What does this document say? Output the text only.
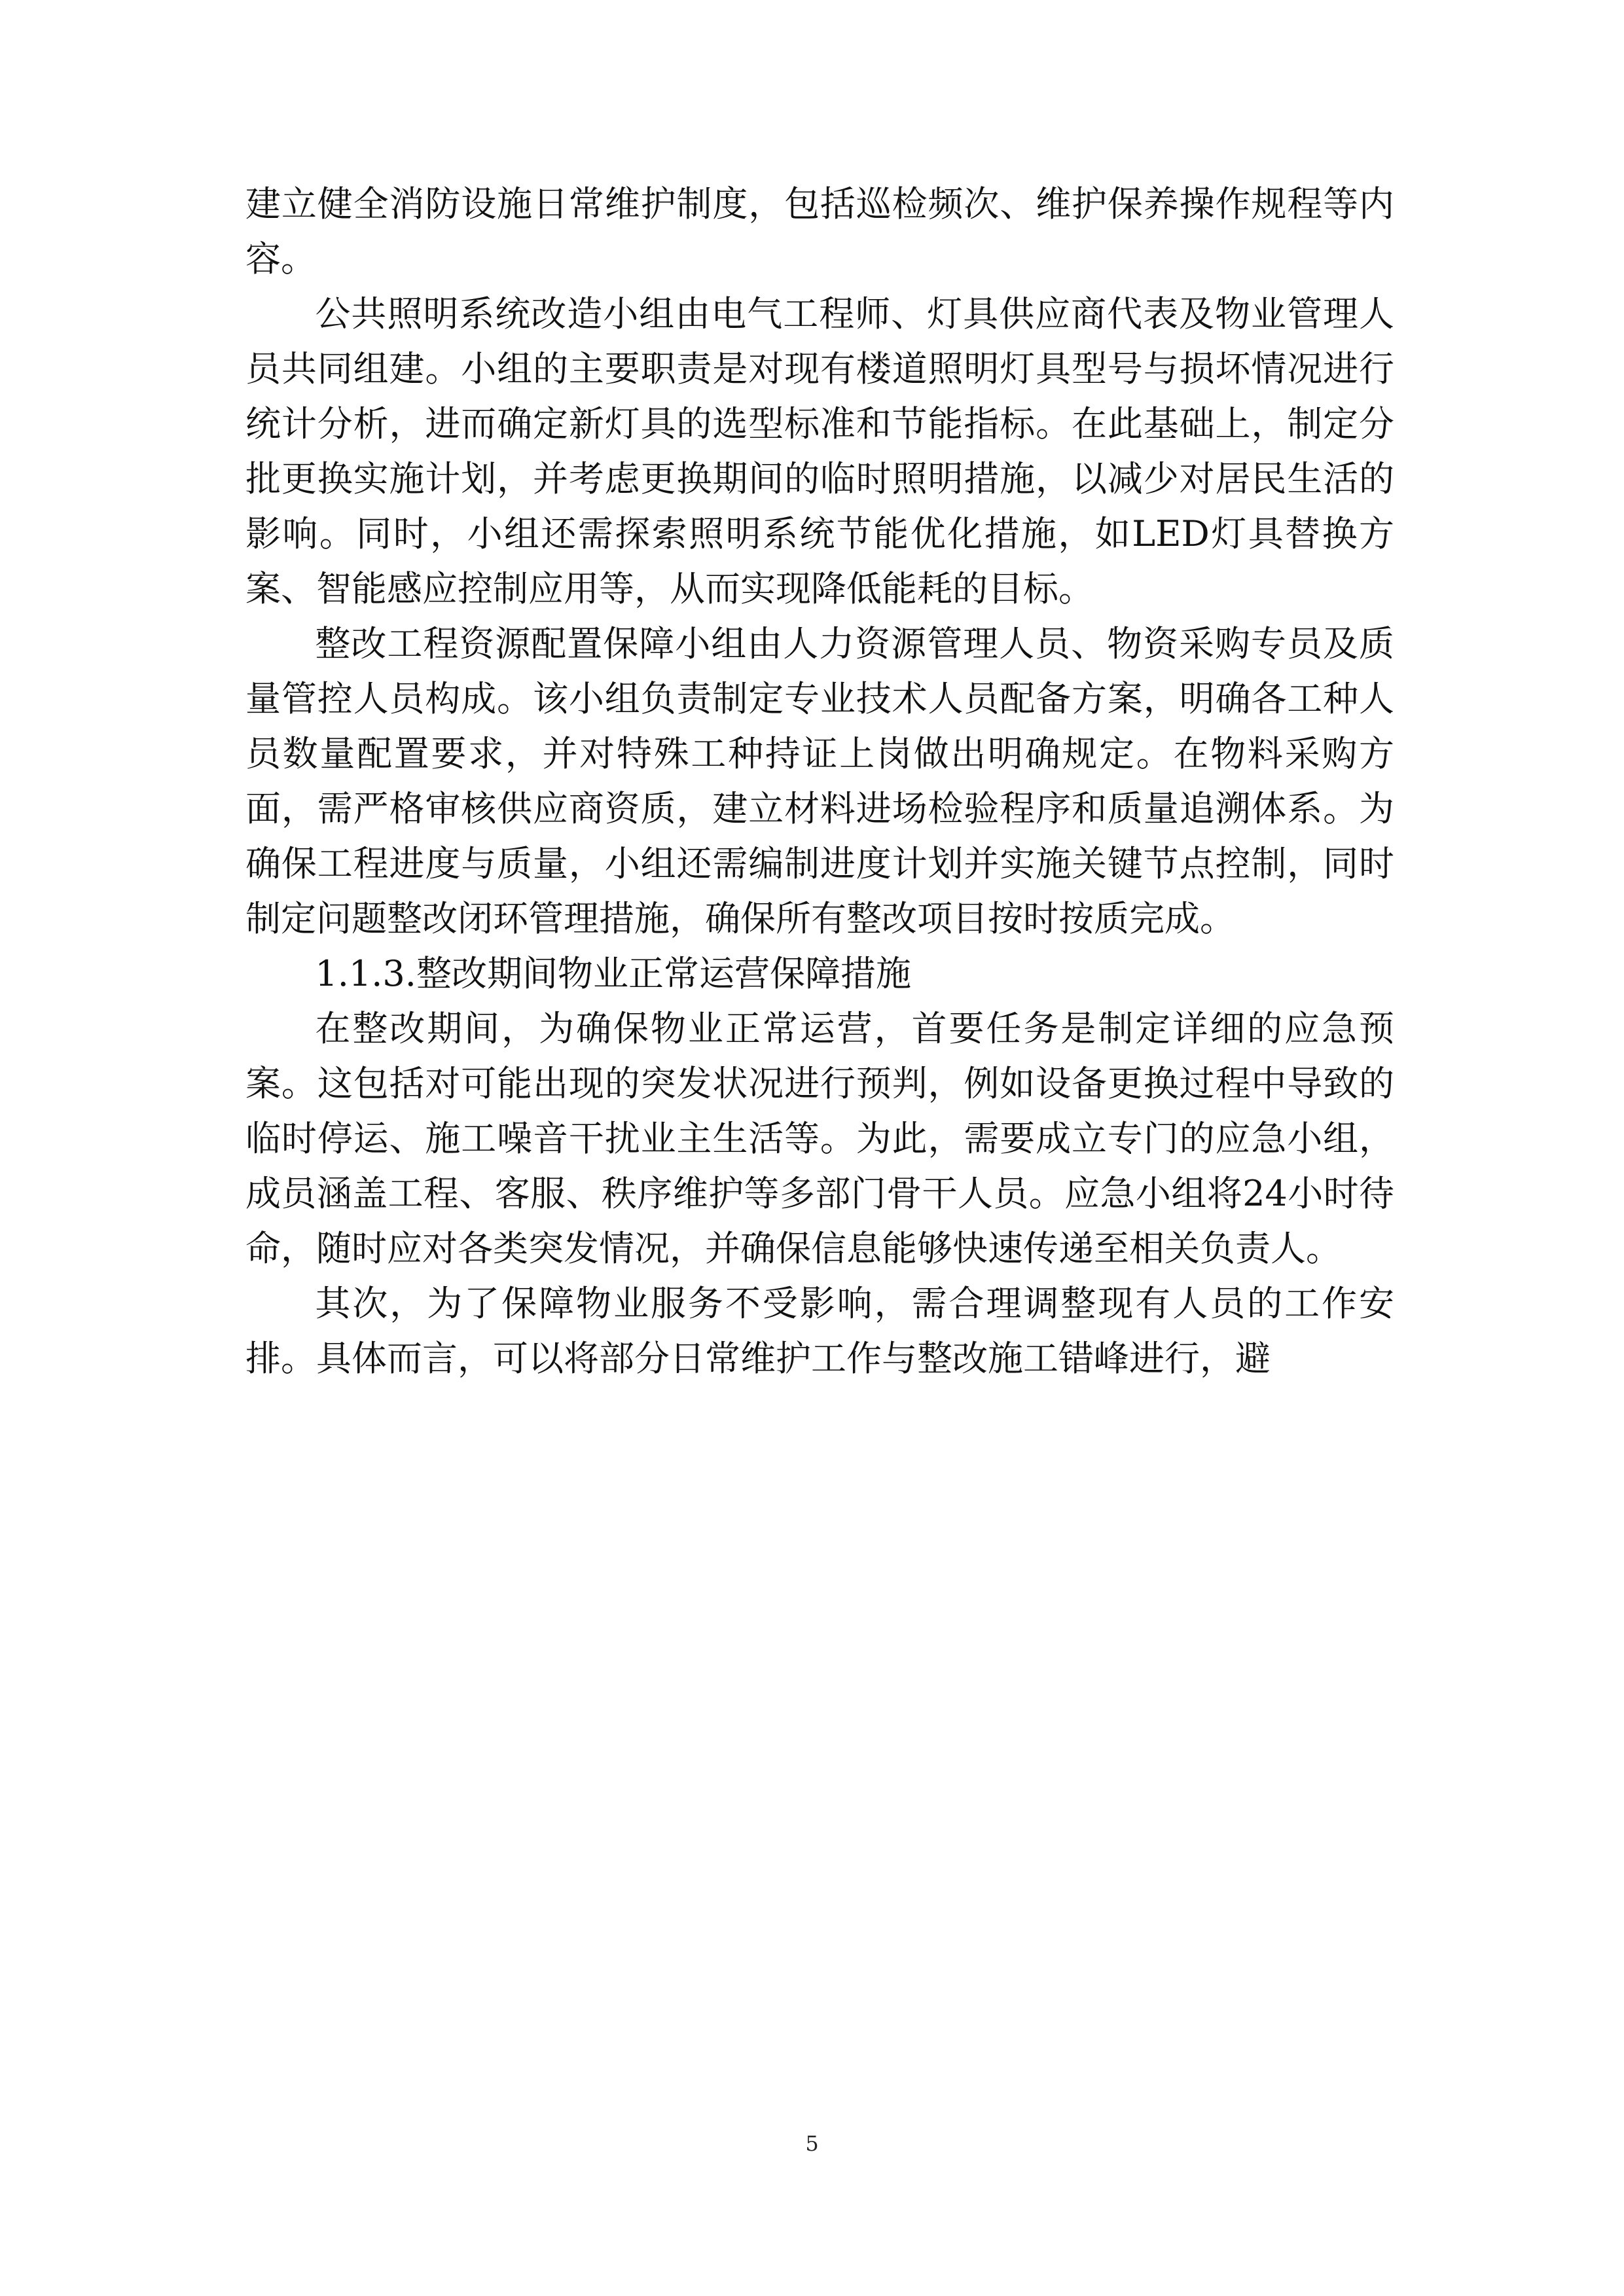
建立健全消防设施日常维护制度，包括巡检频次、维护保养操作规程等内容。

公共照明系统改造小组由电气工程师、灯具供应商代表及物业管理人员共同组建。小组的主要职责是对现有楼道照明灯具型号与损坏情况进行统计分析，进而确定新灯具的选型标准和节能指标。在此基础上，制定分批更换实施计划，并考虑更换期间的临时照明措施，以减少对居民生活的影响。同时，小组还需探索照明系统节能优化措施，如LED灯具替换方案、智能感应控制应用等，从而实现降低能耗的目标。

整改工程资源配置保障小组由人力资源管理人员、物资采购专员及质量管控人员构成。该小组负责制定专业技术人员配备方案，明确各工种人员数量配置要求，并对特殊工种持证上岗做出明确规定。在物料采购方面，需严格审核供应商资质，建立材料进场检验程序和质量追溯体系。为确保工程进度与质量，小组还需编制进度计划并实施关键节点控制，同时制定问题整改闭环管理措施，确保所有整改项目按时按质完成。

1.1.3.整改期间物业正常运营保障措施

在整改期间，为确保物业正常运营，首要任务是制定详细的应急预案。这包括对可能出现的突发状况进行预判，例如设备更换过程中导致的临时停运、施工噪音干扰业主生活等。为此，需要成立专门的应急小组，成员涵盖工程、客服、秩序维护等多部门骨干人员。应急小组将24小时待命，随时应对各类突发情况，并确保信息能够快速传递至相关负责人。

其次，为了保障物业服务不受影响，需合理调整现有人员的工作安排。具体而言，可以将部分日常维护工作与整改施工错峰进行，避

5
